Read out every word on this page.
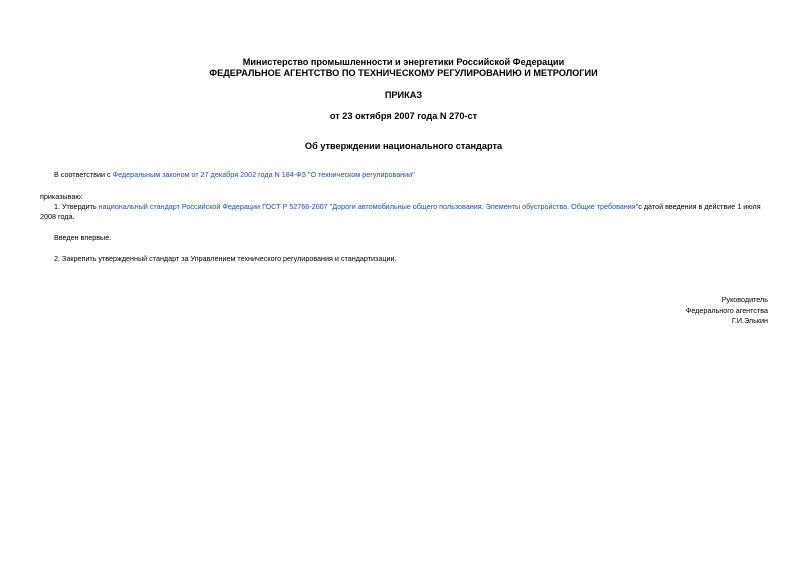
Министерство промышленности и энергетики Российской Федерации
ФЕДЕРАЛЬНОЕ АГЕНТСТВО ПО ТЕХНИЧЕСКОМУ РЕГУЛИРОВАНИЮ И МЕТРОЛОГИИ
ПРИКАЗ
от 23 октября 2007 года N 270-ст
Об утверждении национального стандарта
В соответствии с Федеральным законом от 27 декабря 2002 года N 184-ФЗ "О техническом регулировании"
приказываю:
1. Утвердить национальный стандарт Российской Федерации ГОСТ Р 52766-2007 "Дороги автомобильные общего пользования. Элементы обустройства. Общие требования"с датой введения в действие 1 июля
2008 года.
Введен впервые.
2. Закрепить утвержденный стандарт за Управлением технического регулирования и стандартизации.
Руководитель
Федерального агентства
Г.И.Элькин
